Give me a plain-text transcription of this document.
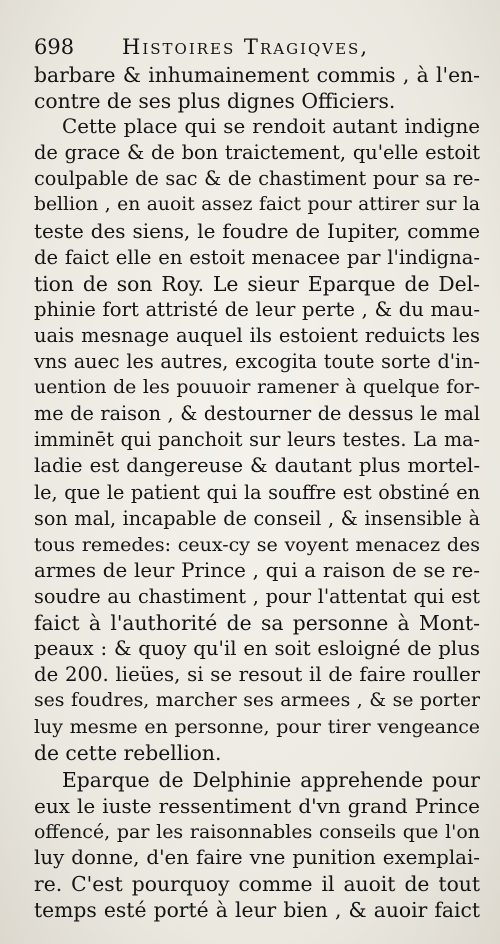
698 Histoires Tragiqves,
barbare & inhumainement commis , à l'en-
contre de ses plus dignes Officiers.
Cette place qui se rendoit autant indigne
de grace & de bon traictement, qu'elle estoit
coulpable de sac & de chastiment pour sa re-
bellion , en auoit assez faict pour attirer sur la
teste des siens, le foudre de Iupiter, comme
de faict elle en estoit menacee par l'indigna-
tion de son Roy. Le sieur Eparque de Del-
phinie fort attristé de leur perte , & du mau-
uais mesnage auquel ils estoient reduicts les
vns auec les autres, excogita toute sorte d'in-
uention de les pouuoir ramener à quelque for-
me de raison , & destourner de dessus le mal
imminēt qui panchoit sur leurs testes. La ma-
ladie est dangereuse & dautant plus mortel-
le, que le patient qui la souffre est obstiné en
son mal, incapable de conseil , & insensible à
tous remedes: ceux-cy se voyent menacez des
armes de leur Prince , qui a raison de se re-
soudre au chastiment , pour l'attentat qui est
faict à l'authorité de sa personne à Mont-
peaux : & quoy qu'il en soit esloigné de plus
de 200. lieües, si se resout il de faire rouller
ses foudres, marcher ses armees , & se porter
luy mesme en personne, pour tirer vengeance
de cette rebellion.
Eparque de Delphinie apprehende pour
eux le iuste ressentiment d'vn grand Prince
offencé, par les raisonnables conseils que l'on
luy donne, d'en faire vne punition exemplai-
re. C'est pourquoy comme il auoit de tout
temps esté porté à leur bien , & auoir faict
